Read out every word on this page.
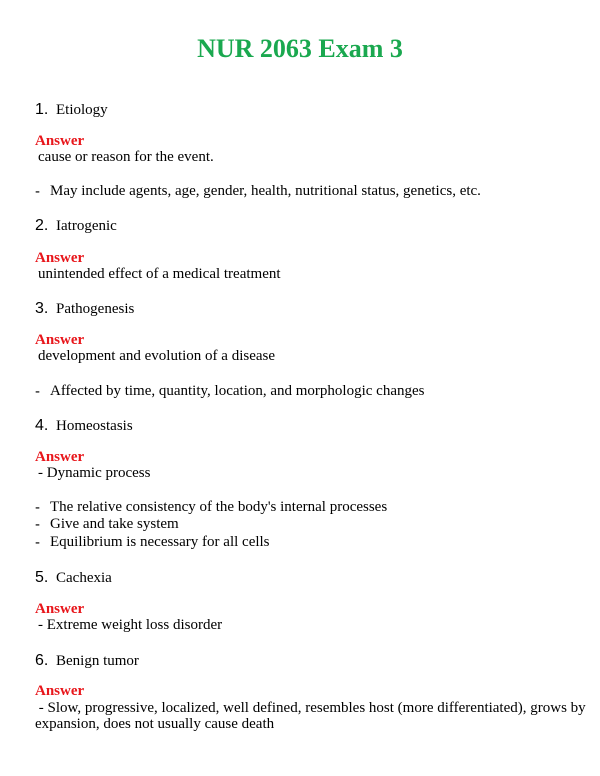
NUR 2063 Exam 3
1. Etiology
Answer
cause or reason for the event.
- May include agents, age, gender, health, nutritional status, genetics, etc.
2. Iatrogenic
Answer
unintended effect of a medical treatment
3. Pathogenesis
Answer
development and evolution of a disease
- Affected by time, quantity, location, and morphologic changes
4. Homeostasis
Answer
- Dynamic process
- The relative consistency of the body's internal processes
- Give and take system
- Equilibrium is necessary for all cells
5. Cachexia
Answer
- Extreme weight loss disorder
6. Benign tumor
Answer
- Slow, progressive, localized, well defined, resembles host (more differentiated), grows by
expansion, does not usually cause death
